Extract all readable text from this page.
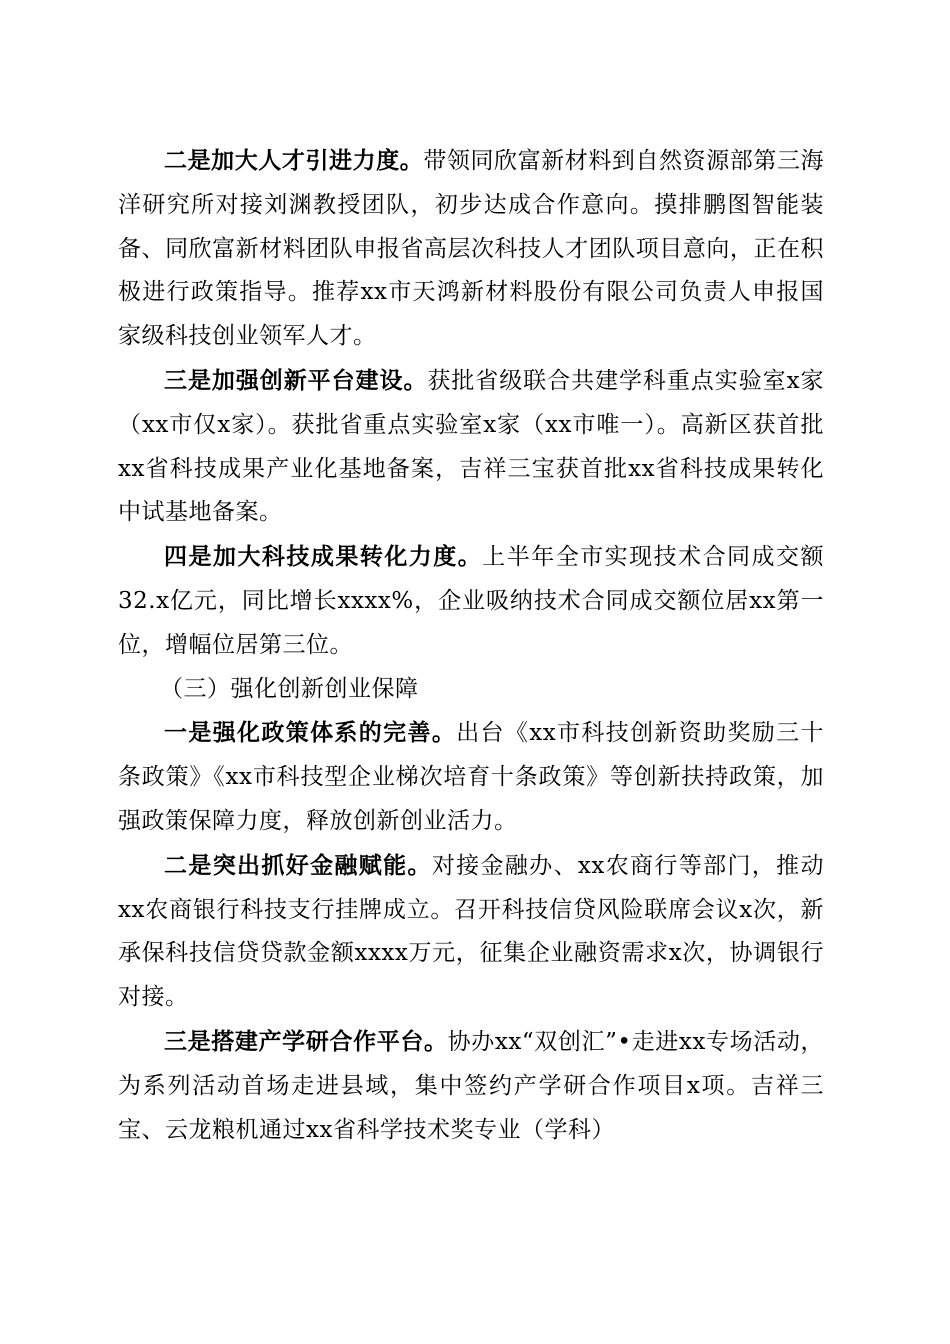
二是加大人才引进力度。带领同欣富新材料到自然资源部第三海洋研究所对接刘渊教授团队，初步达成合作意向。摸排鹏图智能装备、同欣富新材料团队申报省高层次科技人才团队项目意向，正在积极进行政策指导。推荐xx市天鸿新材料股份有限公司负责人申报国家级科技创业领军人才。

三是加强创新平台建设。获批省级联合共建学科重点实验室x家（xx市仅x家）。获批省重点实验室x家（xx市唯一）。高新区获首批xx省科技成果产业化基地备案，吉祥三宝获首批xx省科技成果转化中试基地备案。

四是加大科技成果转化力度。上半年全市实现技术合同成交额32.x亿元，同比增长xxxx%，企业吸纳技术合同成交额位居xx第一位，增幅位居第三位。

（三）强化创新创业保障

一是强化政策体系的完善。出台《xx市科技创新资助奖励三十条政策》《xx市科技型企业梯次培育十条政策》等创新扶持政策，加强政策保障力度，释放创新创业活力。

二是突出抓好金融赋能。对接金融办、xx农商行等部门，推动xx农商银行科技支行挂牌成立。召开科技信贷风险联席会议x次，新承保科技信贷贷款金额xxxx万元，征集企业融资需求x次，协调银行对接。

三是搭建产学研合作平台。协办xx“双创汇”•走进xx专场活动，为系列活动首场走进县域，集中签约产学研合作项目x项。吉祥三宝、云龙粮机通过xx省科学技术奖专业（学科）
